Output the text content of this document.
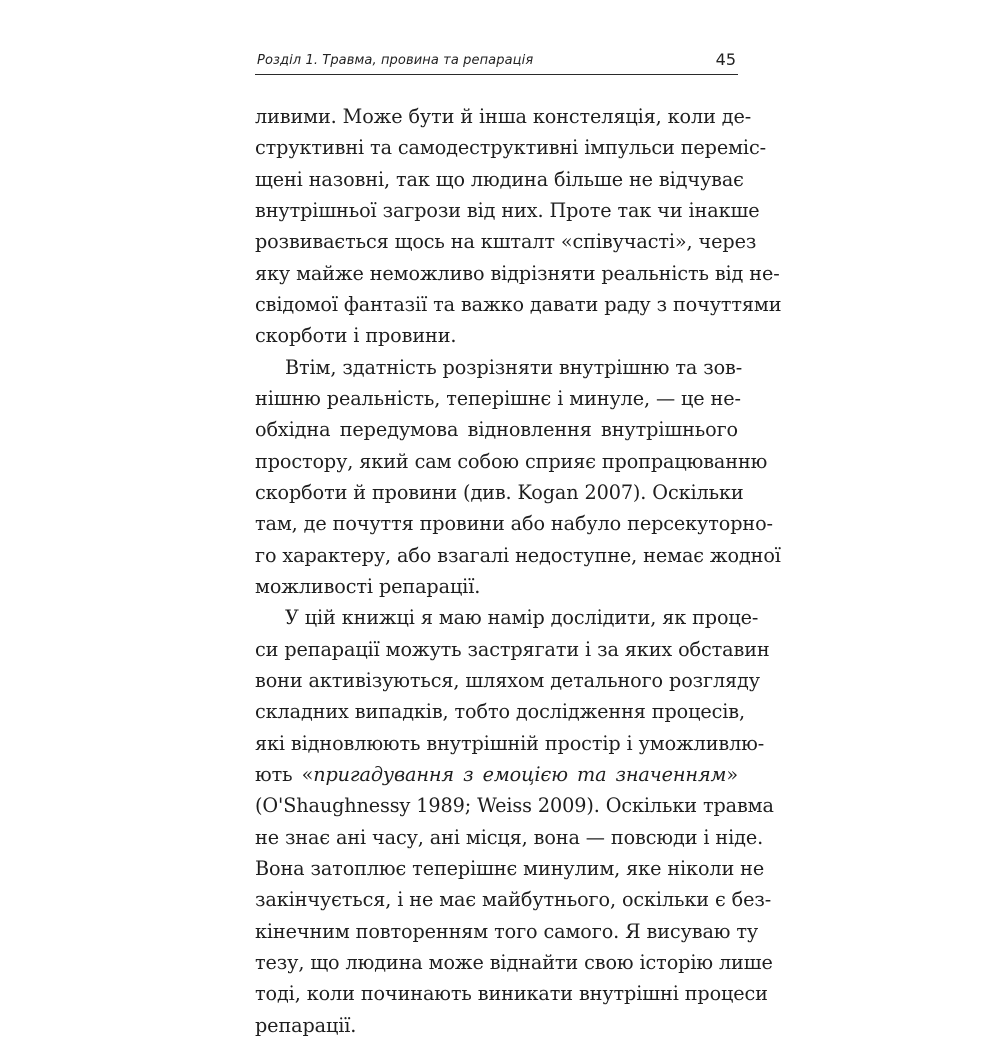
Розділ 1. Травма, провина та репарація	45
ливими. Може бути й інша констеляція, коли де-
структивні та самодеструктивні імпульси переміс-
щені назовні, так що людина більше не відчуває
внутрішньої загрози від них. Проте так чи інакше
розвивається щось на кшталт «співучасті», через
яку майже неможливо відрізняти реальність від не-
свідомої фантазії та важко давати раду з почуттями
скорботи і провини.
Втім, здатність розрізняти внутрішню та зов-
нішню реальність, теперішнє і минуле, — це не-
обхідна передумова відновлення внутрішнього
простору, який сам собою сприяє пропрацюванню
скорботи й провини (див. Kogan 2007). Оскільки
там, де почуття провини або набуло персекуторно-
го характеру, або взагалі недоступне, немає жодної
можливості репарації.
У цій книжці я маю намір дослідити, як проце-
си репарації можуть застрягати і за яких обставин
вони активізуються, шляхом детального розгляду
складних випадків, тобто дослідження процесів,
які відновлюють внутрішній простір і уможливлю-
ють «пригадування з емоцією та значенням»
(O'Shaughnessy 1989; Weiss 2009). Оскільки травма
не знає ані часу, ані місця, вона — повсюди і ніде.
Вона затоплює теперішнє минулим, яке ніколи не
закінчується, і не має майбутнього, оскільки є без-
кінечним повторенням того самого. Я висуваю ту
тезу, що людина може віднайти свою історію лише
тоді, коли починають виникати внутрішні процеси
репарації.
